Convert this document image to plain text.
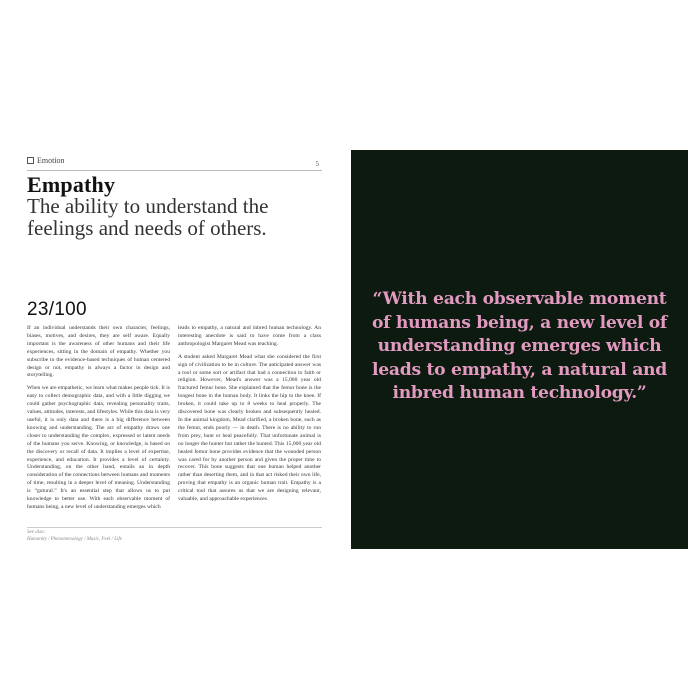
Emotion	5
Empathy
The ability to understand the feelings and needs of others.
23/100

If an individual understands their own character, feelings, biases, motives, and desires, they are self aware. Equally important is the awareness of other humans and their life experiences, sitting in the domain of empathy. Whether you subscribe to the evidence-based techniques of human centered design or not, empathy is always a factor in design and storytelling.

When we are empathetic, we learn what makes people tick. It is easy to collect demographic data, and with a little digging we could gather psychographic data, revealing personality traits, values, attitudes, interests, and lifestyles. While this data is very useful, it is only data and there is a big difference between knowing and understanding. The act of empathy draws one closer to understanding the complex, expressed or latent needs of the humans you serve. Knowing, or knowledge, is based on the discovery or recall of data. It implies a level of expertise, experience, and education. It provides a level of certainty. Understanding, on the other hand, entails an in depth consideration of the connections between humans and moments of time, resulting in a deeper level of meaning. Understanding is “gutural.” It's an essential step that allows us to put knowledge to better use. With each observable moment of humans being, a new level of understanding emerges which

leads to empathy, a natural and inbred human technology. An interesting anecdote is said to have come from a class anthropologist Margaret Mead was teaching.

A student asked Margaret Mead what she considered the first sign of civilization to be in culture. The anticipated answer was a tool or some sort or artifact that had a connection to faith or religion. However, Mead's answer was a 15,000 year old fractured femur bone. She explained that the femur bone is the longest bone in the human body. It links the hip to the knee. If broken, it could take up to 8 weeks to heal properly. The discovered bone was clearly broken and subsequently healed. In the animal kingdom, Mead clarified, a broken bone, such as the femur, ends poorly — in death. There is no ability to run from prey, hunt or heal peacefully. That unfortunate animal is no longer the hunter but rather the hunted. This 15,000 year old healed femur bone provides evidence that the wounded person was cared for by another person and given the proper time to recover. This bone suggests that one human helped another rather than deserting them, and in that act risked their own life, proving that empathy is an organic human trait. Empathy is a critical tool that assures us that we are designing relevant, valuable, and approachable experiences.

See also:
Humanity / Phenomenology / Music, Feel / Life
“With each observable moment of humans being, a new level of understanding emerges which leads to empathy, a natural and inbred human technology.”
